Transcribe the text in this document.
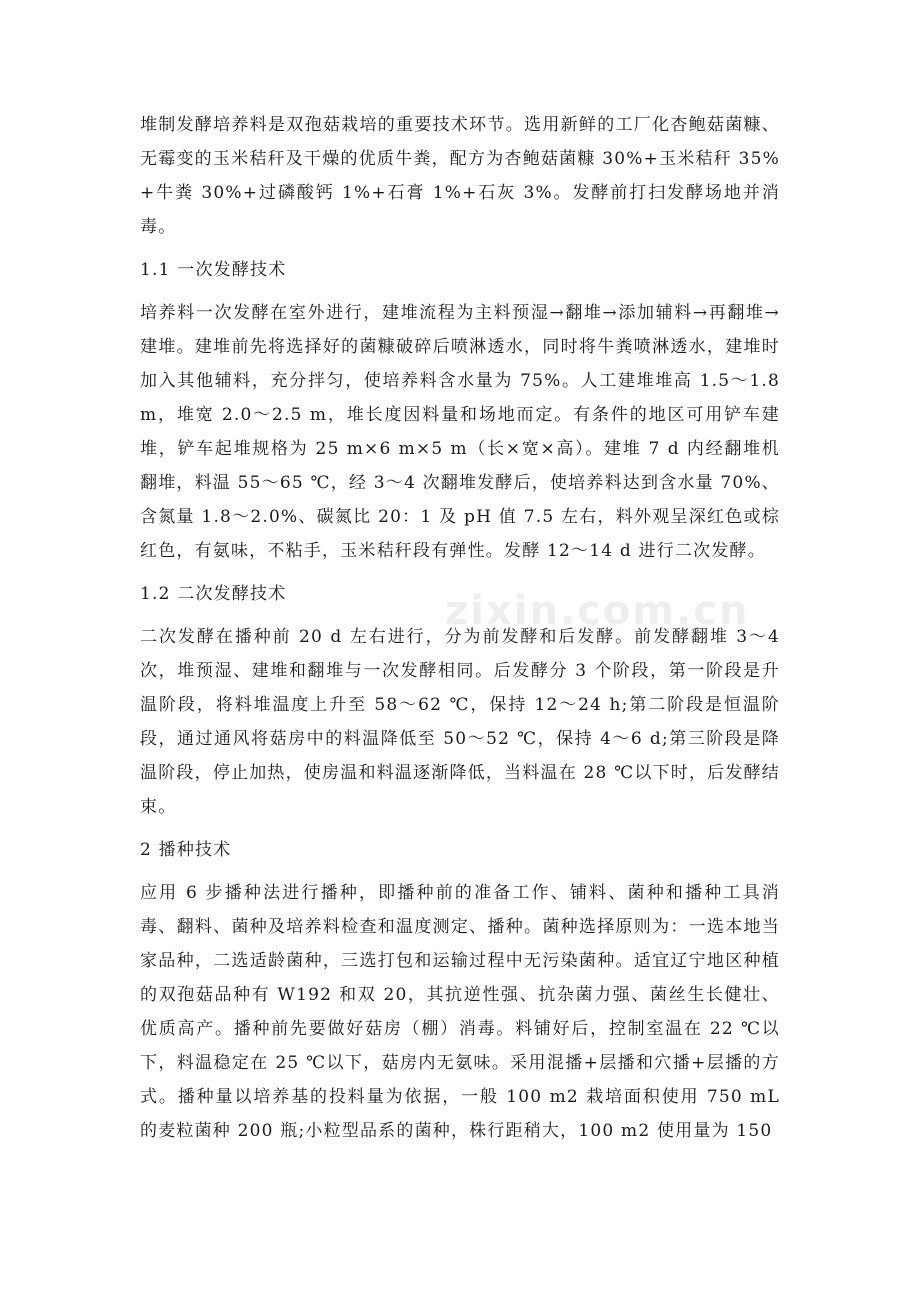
堆制发酵培养料是双孢菇栽培的重要技术环节。选用新鲜的工厂化杏鲍菇菌糠、无霉变的玉米秸秆及干燥的优质牛粪，配方为杏鲍菇菌糠 30%+玉米秸秆 35%+牛粪 30%+过磷酸钙 1%+石膏 1%+石灰 3%。发酵前打扫发酵场地并消毒。

1.1 一次发酵技术

培养料一次发酵在室外进行，建堆流程为主料预湿→翻堆→添加辅料→再翻堆→建堆。建堆前先将选择好的菌糠破碎后喷淋透水，同时将牛粪喷淋透水，建堆时加入其他辅料，充分拌匀，使培养料含水量为 75%。人工建堆堆高 1.5～1.8 m，堆宽 2.0～2.5 m，堆长度因料量和场地而定。有条件的地区可用铲车建堆，铲车起堆规格为 25 m×6 m×5 m（长×宽×高）。建堆 7 d 内经翻堆机翻堆，料温 55～65 ℃，经 3～4 次翻堆发酵后，使培养料达到含水量 70%、含氮量 1.8～2.0%、碳氮比 20：1 及 pH 值 7.5 左右，料外观呈深红色或棕红色，有氨味，不粘手，玉米秸秆段有弹性。发酵 12～14 d 进行二次发酵。

1.2 二次发酵技术

二次发酵在播种前 20 d 左右进行，分为前发酵和后发酵。前发酵翻堆 3～4 次，堆预湿、建堆和翻堆与一次发酵相同。后发酵分 3 个阶段，第一阶段是升温阶段，将料堆温度上升至 58～62 ℃，保持 12～24 h;第二阶段是恒温阶段，通过通风将菇房中的料温降低至 50～52 ℃，保持 4～6 d;第三阶段是降温阶段，停止加热，使房温和料温逐渐降低，当料温在 28 ℃以下时，后发酵结束。

2 播种技术

应用 6 步播种法进行播种，即播种前的准备工作、铺料、菌种和播种工具消毒、翻料、菌种及培养料检查和温度测定、播种。菌种选择原则为：一选本地当家品种，二选适龄菌种，三选打包和运输过程中无污染菌种。适宜辽宁地区种植的双孢菇品种有 W192 和双 20，其抗逆性强、抗杂菌力强、菌丝生长健壮、优质高产。播种前先要做好菇房（棚）消毒。料铺好后，控制室温在 22 ℃以下，料温稳定在 25 ℃以下，菇房内无氨味。采用混播+层播和穴播+层播的方式。播种量以培养基的投料量为依据，一般 100 m2 栽培面积使用 750 mL 的麦粒菌种 200 瓶;小粒型品系的菌种，株行距稍大，100 m2 使用量为 150

zixin.com.cn
